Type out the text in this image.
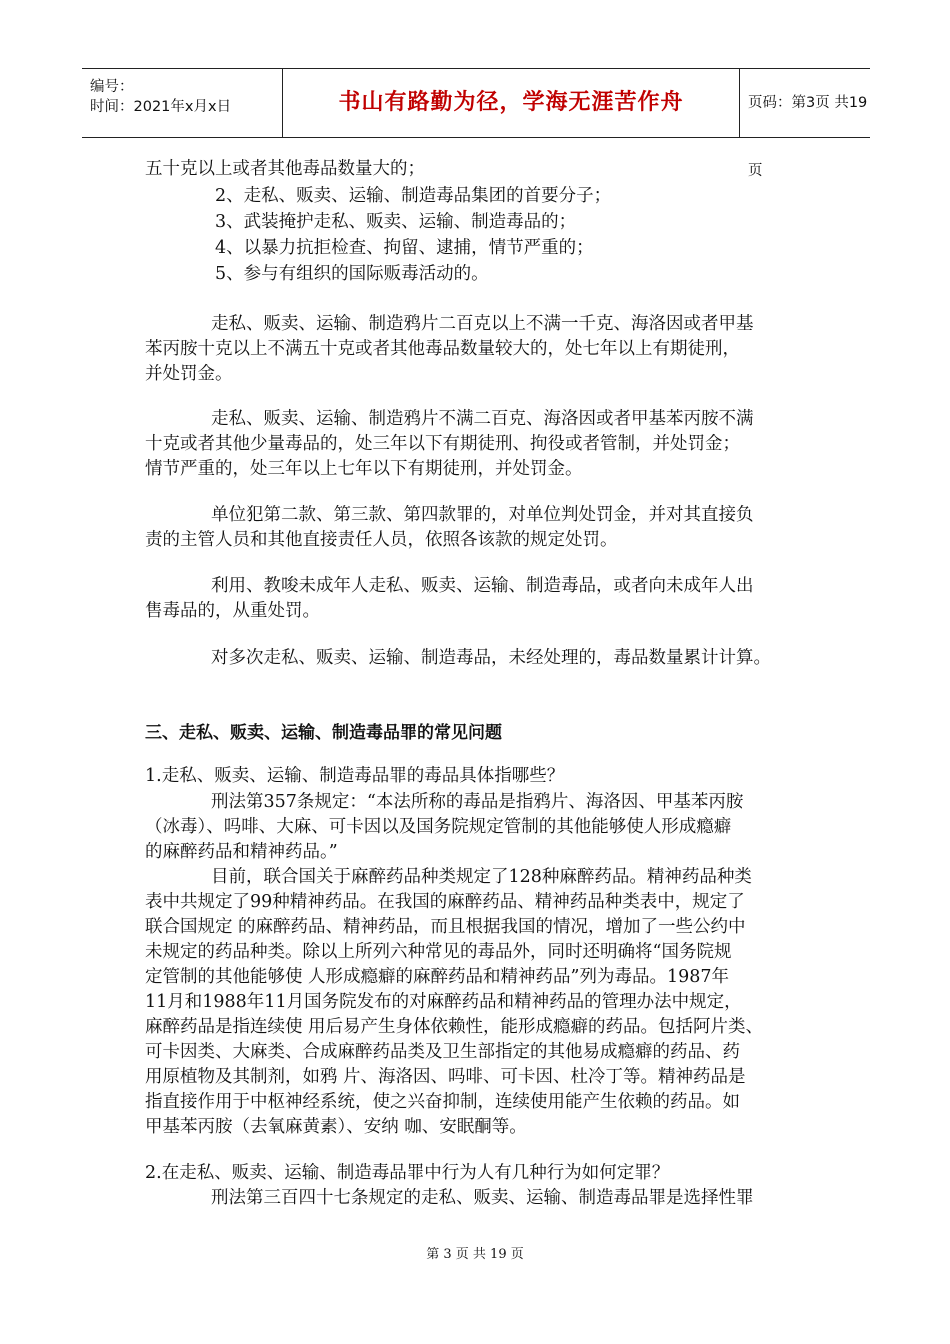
编号：
时间：2021年x月x日	书山有路勤为径，学海无涯苦作舟	页码：第3页 共19页
五十克以上或者其他毒品数量大的；
2、走私、贩卖、运输、制造毒品集团的首要分子；
3、武装掩护走私、贩卖、运输、制造毒品的；
4、以暴力抗拒检查、拘留、逮捕，情节严重的；
5、参与有组织的国际贩毒活动的。
走私、贩卖、运输、制造鸦片二百克以上不满一千克、海洛因或者甲基
苯丙胺十克以上不满五十克或者其他毒品数量较大的，处七年以上有期徒刑，
并处罚金。
走私、贩卖、运输、制造鸦片不满二百克、海洛因或者甲基苯丙胺不满
十克或者其他少量毒品的，处三年以下有期徒刑、拘役或者管制，并处罚金；
情节严重的，处三年以上七年以下有期徒刑，并处罚金。
单位犯第二款、第三款、第四款罪的，对单位判处罚金，并对其直接负
责的主管人员和其他直接责任人员，依照各该款的规定处罚。
利用、教唆未成年人走私、贩卖、运输、制造毒品，或者向未成年人出
售毒品的，从重处罚。
对多次走私、贩卖、运输、制造毒品，未经处理的，毒品数量累计计算。
三、走私、贩卖、运输、制造毒品罪的常见问题
1.走私、贩卖、运输、制造毒品罪的毒品具体指哪些？
刑法第357条规定：“本法所称的毒品是指鸦片、海洛因、甲基苯丙胺
（冰毒）、吗啡、大麻、可卡因以及国务院规定管制的其他能够使人形成瘾癖
的麻醉药品和精神药品。”
目前，联合国关于麻醉药品种类规定了128种麻醉药品。精神药品种类
表中共规定了99种精神药品。在我国的麻醉药品、精神药品种类表中，规定了
联合国规定 的麻醉药品、精神药品，而且根据我国的情况，增加了一些公约中
未规定的药品种类。除以上所列六种常见的毒品外，同时还明确将“国务院规
定管制的其他能够使 人形成瘾癖的麻醉药品和精神药品”列为毒品。1987年
11月和1988年11月国务院发布的对麻醉药品和精神药品的管理办法中规定，
麻醉药品是指连续使 用后易产生身体依赖性，能形成瘾癖的药品。包括阿片类、
可卡因类、大麻类、合成麻醉药品类及卫生部指定的其他易成瘾癖的药品、药
用原植物及其制剂，如鸦 片、海洛因、吗啡、可卡因、杜冷丁等。精神药品是
指直接作用于中枢神经系统，使之兴奋抑制，连续使用能产生依赖的药品。如
甲基苯丙胺（去氧麻黄素）、安纳 咖、安眠酮等。
2.在走私、贩卖、运输、制造毒品罪中行为人有几种行为如何定罪？
刑法第三百四十七条规定的走私、贩卖、运输、制造毒品罪是选择性罪
第 3 页 共 19 页
